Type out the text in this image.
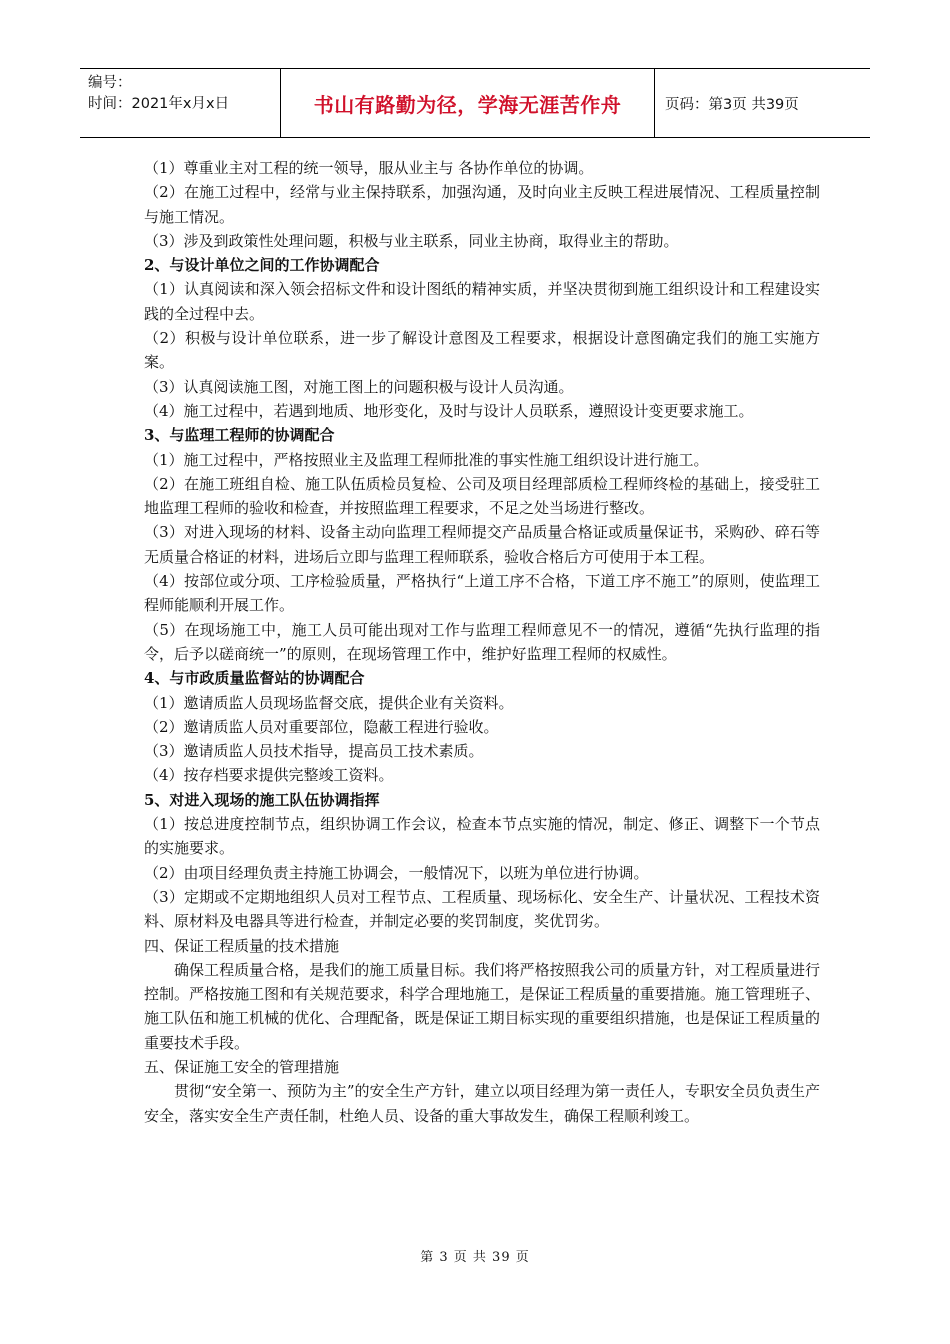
编号：
时间：2021年x月x日	书山有路勤为径，学海无涯苦作舟	页码：第3页 共39页

（1）尊重业主对工程的统一领导，服从业主与 各协作单位的协调。

（2）在施工过程中，经常与业主保持联系，加强沟通，及时向业主反映工程进展情况、工程质量控制与施工情况。

（3）涉及到政策性处理问题，积极与业主联系，同业主协商，取得业主的帮助。

2、与设计单位之间的工作协调配合

（1）认真阅读和深入领会招标文件和设计图纸的精神实质，并坚决贯彻到施工组织设计和工程建设实践的全过程中去。

（2）积极与设计单位联系，进一步了解设计意图及工程要求，根据设计意图确定我们的施工实施方案。

（3）认真阅读施工图，对施工图上的问题积极与设计人员沟通。

（4）施工过程中，若遇到地质、地形变化，及时与设计人员联系，遵照设计变更要求施工。

3、与监理工程师的协调配合

（1）施工过程中，严格按照业主及监理工程师批准的事实性施工组织设计进行施工。

（2）在施工班组自检、施工队伍质检员复检、公司及项目经理部质检工程师终检的基础上，接受驻工地监理工程师的验收和检查，并按照监理工程要求，不足之处当场进行整改。

（3）对进入现场的材料、设备主动向监理工程师提交产品质量合格证或质量保证书，采购砂、碎石等无质量合格证的材料，进场后立即与监理工程师联系，验收合格后方可使用于本工程。

（4）按部位或分项、工序检验质量，严格执行“上道工序不合格，下道工序不施工”的原则，使监理工程师能顺利开展工作。

（5）在现场施工中，施工人员可能出现对工作与监理工程师意见不一的情况，遵循“先执行监理的指令，后予以磋商统一”的原则，在现场管理工作中，维护好监理工程师的权威性。

4、与市政质量监督站的协调配合

（1）邀请质监人员现场监督交底，提供企业有关资料。

（2）邀请质监人员对重要部位，隐蔽工程进行验收。

（3）邀请质监人员技术指导，提高员工技术素质。

（4）按存档要求提供完整竣工资料。

5、对进入现场的施工队伍协调指挥

（1）按总进度控制节点，组织协调工作会议，检查本节点实施的情况，制定、修正、调整下一个节点的实施要求。

（2）由项目经理负责主持施工协调会，一般情况下，以班为单位进行协调。

（3）定期或不定期地组织人员对工程节点、工程质量、现场标化、安全生产、计量状况、工程技术资料、原材料及电器具等进行检查，并制定必要的奖罚制度，奖优罚劣。

四、保证工程质量的技术措施

确保工程质量合格，是我们的施工质量目标。我们将严格按照我公司的质量方针，对工程质量进行控制。严格按施工图和有关规范要求，科学合理地施工，是保证工程质量的重要措施。施工管理班子、施工队伍和施工机械的优化、合理配备，既是保证工期目标实现的重要组织措施，也是保证工程质量的重要技术手段。

五、保证施工安全的管理措施

贯彻“安全第一、预防为主”的安全生产方针，建立以项目经理为第一责任人，专职安全员负责生产安全，落实安全生产责任制，杜绝人员、设备的重大事故发生，确保工程顺利竣工。

第 3 页 共 39 页
